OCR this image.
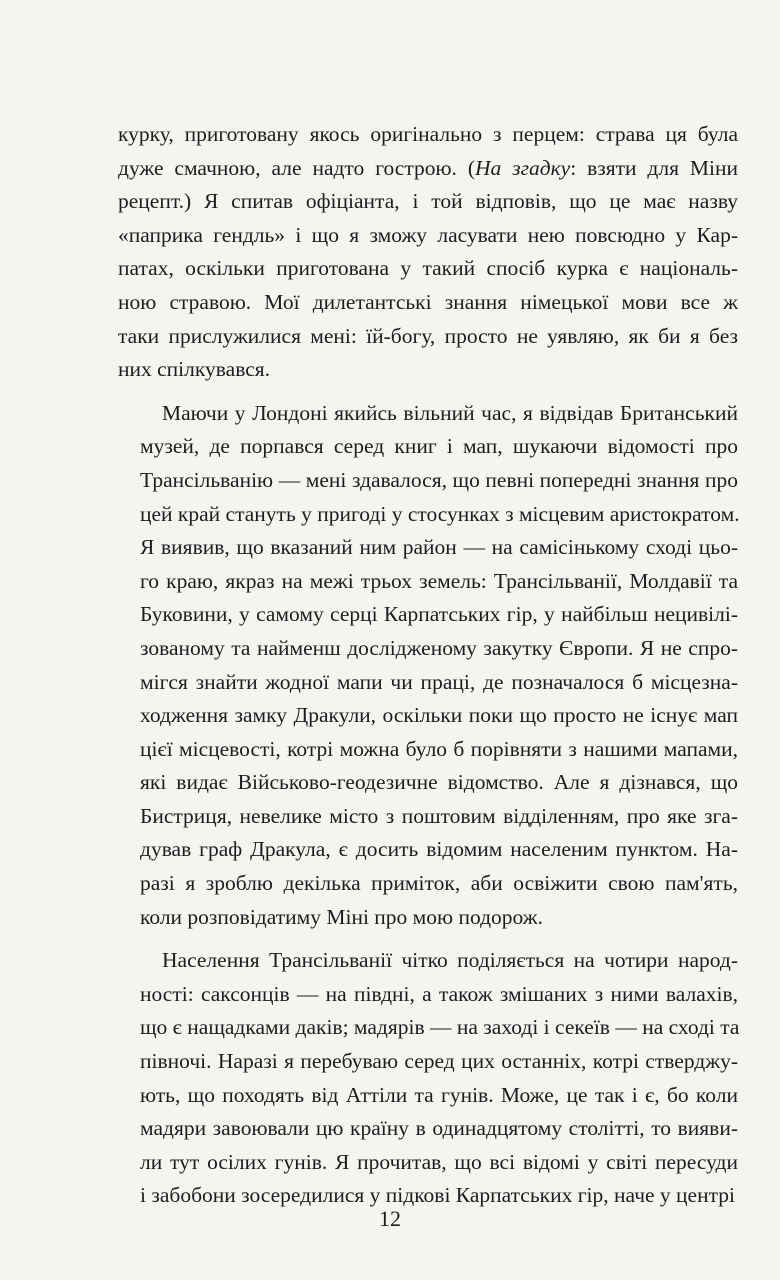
курку, приготовану якось оригінально з перцем: страва ця була
дуже смачною, але надто гострою. (На згадку: взяти для Міни
рецепт.) Я спитав офіціанта, і той відповів, що це має назву
«паприка гендль» і що я зможу ласувати нею повсюдно у Кар-
патах, оскільки приготована у такий спосіб курка є національ-
ною стравою. Мої дилетантські знання німецької мови все ж
таки прислужилися мені: їй-богу, просто не уявляю, як би я без
них спілкувався.

Маючи у Лондоні якийсь вільний час, я відвідав Британський
музей, де порпався серед книг і мап, шукаючи відомості про
Трансільванію — мені здавалося, що певні попередні знання про
цей край стануть у пригоді у стосунках з місцевим аристократом.
Я виявив, що вказаний ним район — на самісінькому сході цьо-
го краю, якраз на межі трьох земель: Трансільванії, Молдавії та
Буковини, у самому серці Карпатських гір, у найбільш нецивілі-
зованому та найменш дослідженому закутку Європи. Я не спро-
мігся знайти жодної мапи чи праці, де позначалося б місцезна-
ходження замку Дракули, оскільки поки що просто не існує мап
цієї місцевості, котрі можна було б порівняти з нашими мапами,
які видає Військово-геодезичне відомство. Але я дізнався, що
Бистриця, невелике місто з поштовим відділенням, про яке зга-
дував граф Дракула, є досить відомим населеним пунктом. На-
разі я зроблю декілька приміток, аби освіжити свою пам'ять,
коли розповідатиму Міні про мою подорож.

Населення Трансільванії чітко поділяється на чотири народ-
ності: саксонців — на півдні, а також змішаних з ними валахів,
що є нащадками даків; мадярів — на заході і секеїв — на сході та
півночі. Наразі я перебуваю серед цих останніх, котрі стверджу-
ють, що походять від Аттіли та гунів. Може, це так і є, бо коли
мадяри завоювали цю країну в одинадцятому столітті, то вияви-
ли тут осілих гунів. Я прочитав, що всі відомі у світі пересуди
і забобони зосередилися у підкові Карпатських гір, наче у центрі

12
